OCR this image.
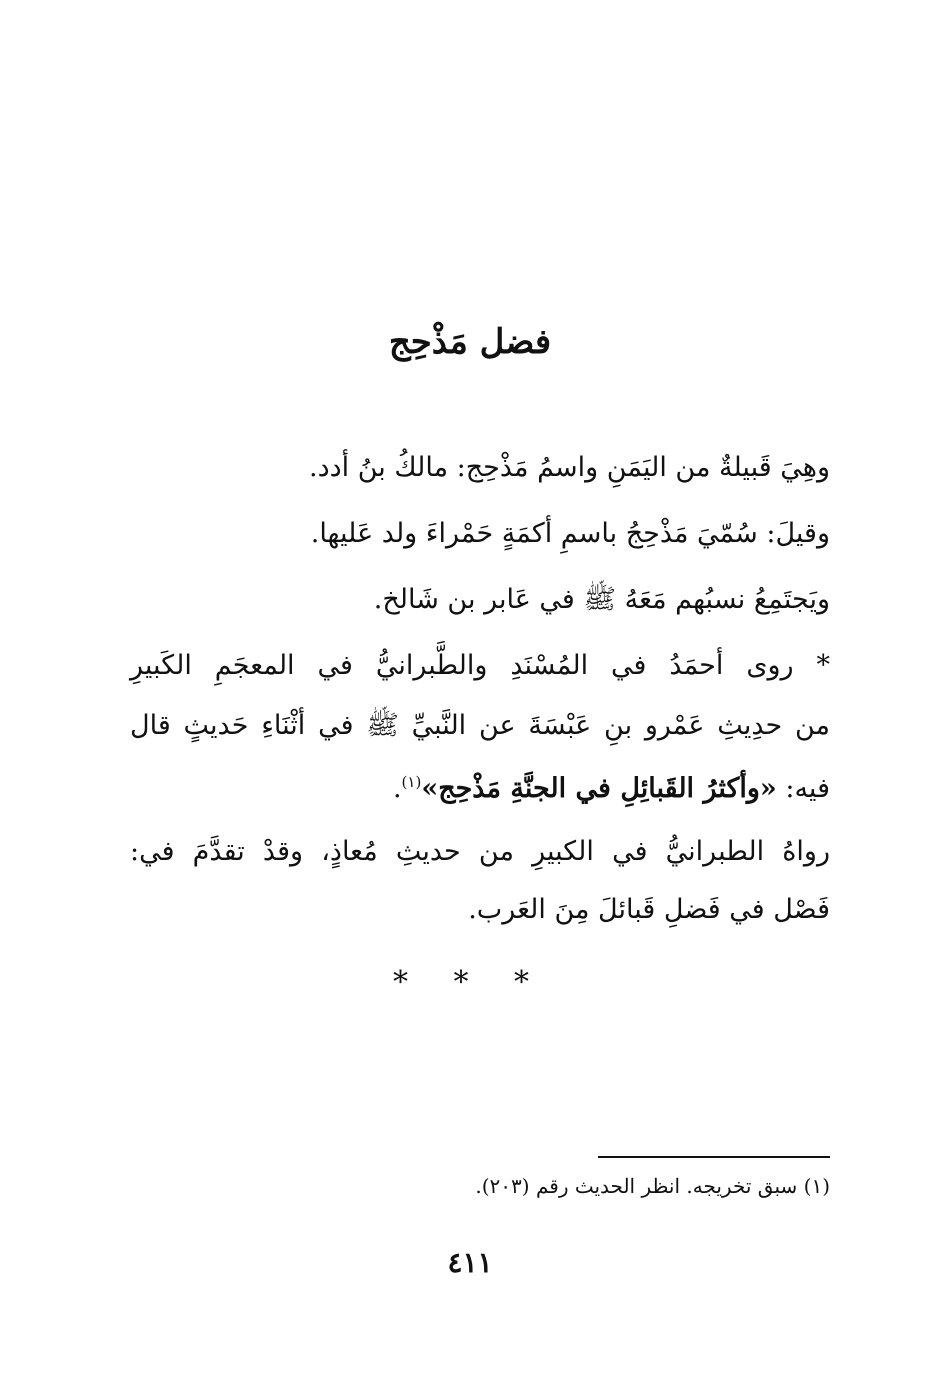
فضل مَذْحِج
وهِيَ قَبيلةٌ من اليَمَنِ واسمُ مَذْحِج: مالكُ بنُ أدد.
وقيلَ: سُمّيَ مَذْحِجُ باسمِ أكمَةٍ حَمْراءَ ولد عَليها.
ويَجتَمِعُ نسبُهم مَعَهُ ﷺ في عَابر بن شَالخ.
* روى أحمَدُ في المُسْنَدِ والطَّبرانيُّ في المعجَمِ الكَبيرِ
من حدِيثِ عَمْرو بنِ عَبْسَةَ عن النَّبيِّ ﷺ في أثْنَاءِ حَديثٍ قال
فيه: «وأكثرُ القَبائِلِ في الجنَّةِ مَذْحِج»$^{(١)}$.
رواهُ الطبرانيُّ في الكبيرِ من حديثِ مُعاذٍ، وقدْ تقدَّمَ في:
فَصْل في فَضلِ قَبائلَ مِنَ العَرب.
* * *
(١) سبق تخريجه. انظر الحديث رقم (٢٠٣).
٤١١
